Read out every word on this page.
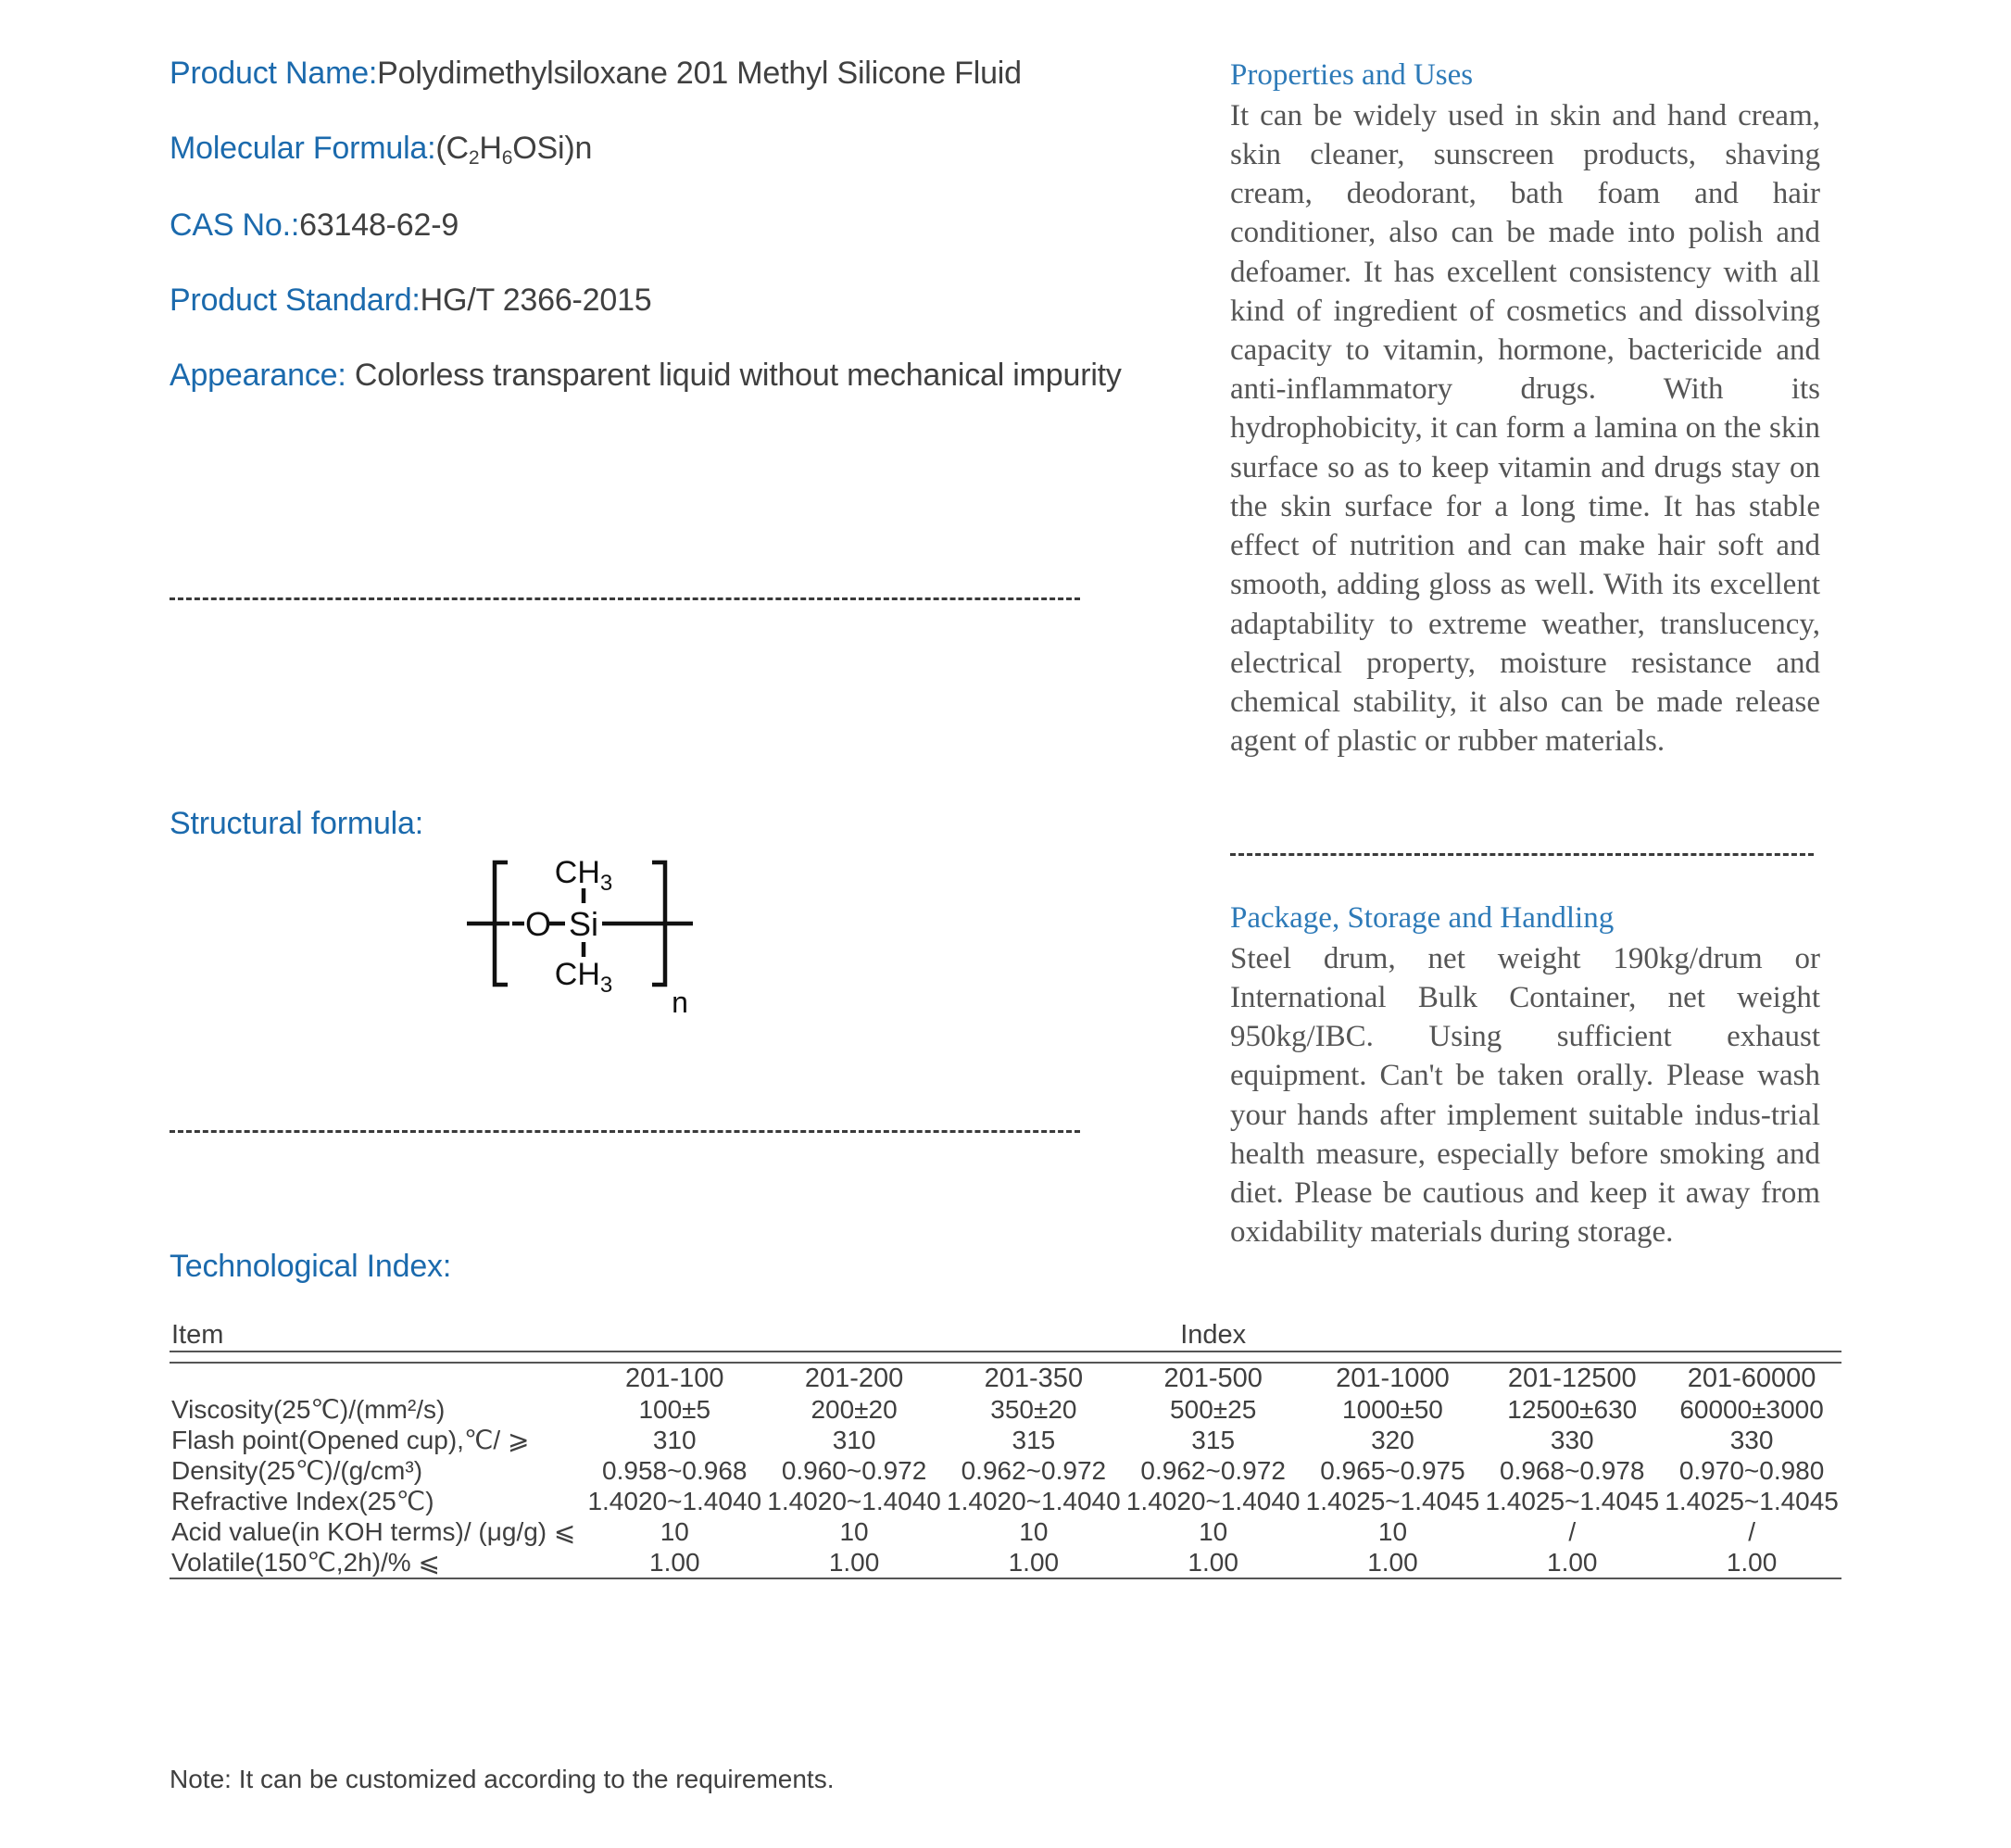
Product Name:Polydimethylsiloxane 201 Methyl Silicone Fluid
Molecular $Formula:(C_2H_6OSi)n$
CAS No.:63148-62-9
Product Standard:HG/T 2366-2015
Appearance: Colorless transparent liquid without mechanical impurity
Structural formula:
O Si
$CH_3$
$CH_3$
n
Properties and Uses

It can be widely used in skin and hand cream, skin cleaner, sunscreen products, shaving cream, deodorant, bath foam and hair conditioner, also can be made into polish and defoamer. It has excellent consistency with all kind of ingredient of cosmetics and dissolving capacity to vitamin, hormone, bactericide and anti-inflammatory drugs. With its hydrophobicity, it can form a lamina on the skin surface so as to keep vitamin and drugs stay on the skin surface for a long time. It has stable effect of nutrition and can make hair soft and smooth, adding gloss as well. With its excellent adaptability to extreme weather, translucency, electrical property, moisture resistance and chemical stability, it also can be made release agent of plastic or rubber materials.

Package, Storage and Handling

Steel drum, net weight 190kg/drum or International Bulk Container, net weight 950kg/IBC. Using sufficient exhaust equipment. Can't be taken orally. Please wash your hands after implement suitable indus-trial health measure, especially before smoking and diet. Please be cautious and keep it away from oxidability materials during storage.

Technological Index:
Item	Index						

	201-100	201-200	201-350	201-500	201-1000	201-12500	201-60000
Viscosity(25℃)/(mm²/s)	100±5	200±20	350±20	500±25	1000±50	12500±630	60000±3000
Flash point(Opened cup),℃/ ⩾	310	310	315	315	320	330	330
Density(25℃)/(g/cm³)	0.958~0.968	0.960~0.972	0.962~0.972	0.962~0.972	0.965~0.975	0.968~0.978	0.970~0.980
Refractive Index(25℃)	1.4020~1.4040	1.4020~1.4040	1.4020~1.4040	1.4020~1.4040	1.4025~1.4045	1.4025~1.4045	1.4025~1.4045
Acid value(in KOH terms)/ (μg/g) ⩽	10	10	10	10	10	/	/
Volatile(150℃,2h)/% ⩽	1.00	1.00	1.00	1.00	1.00	1.00	1.00

Note: It can be customized according to the requirements.
